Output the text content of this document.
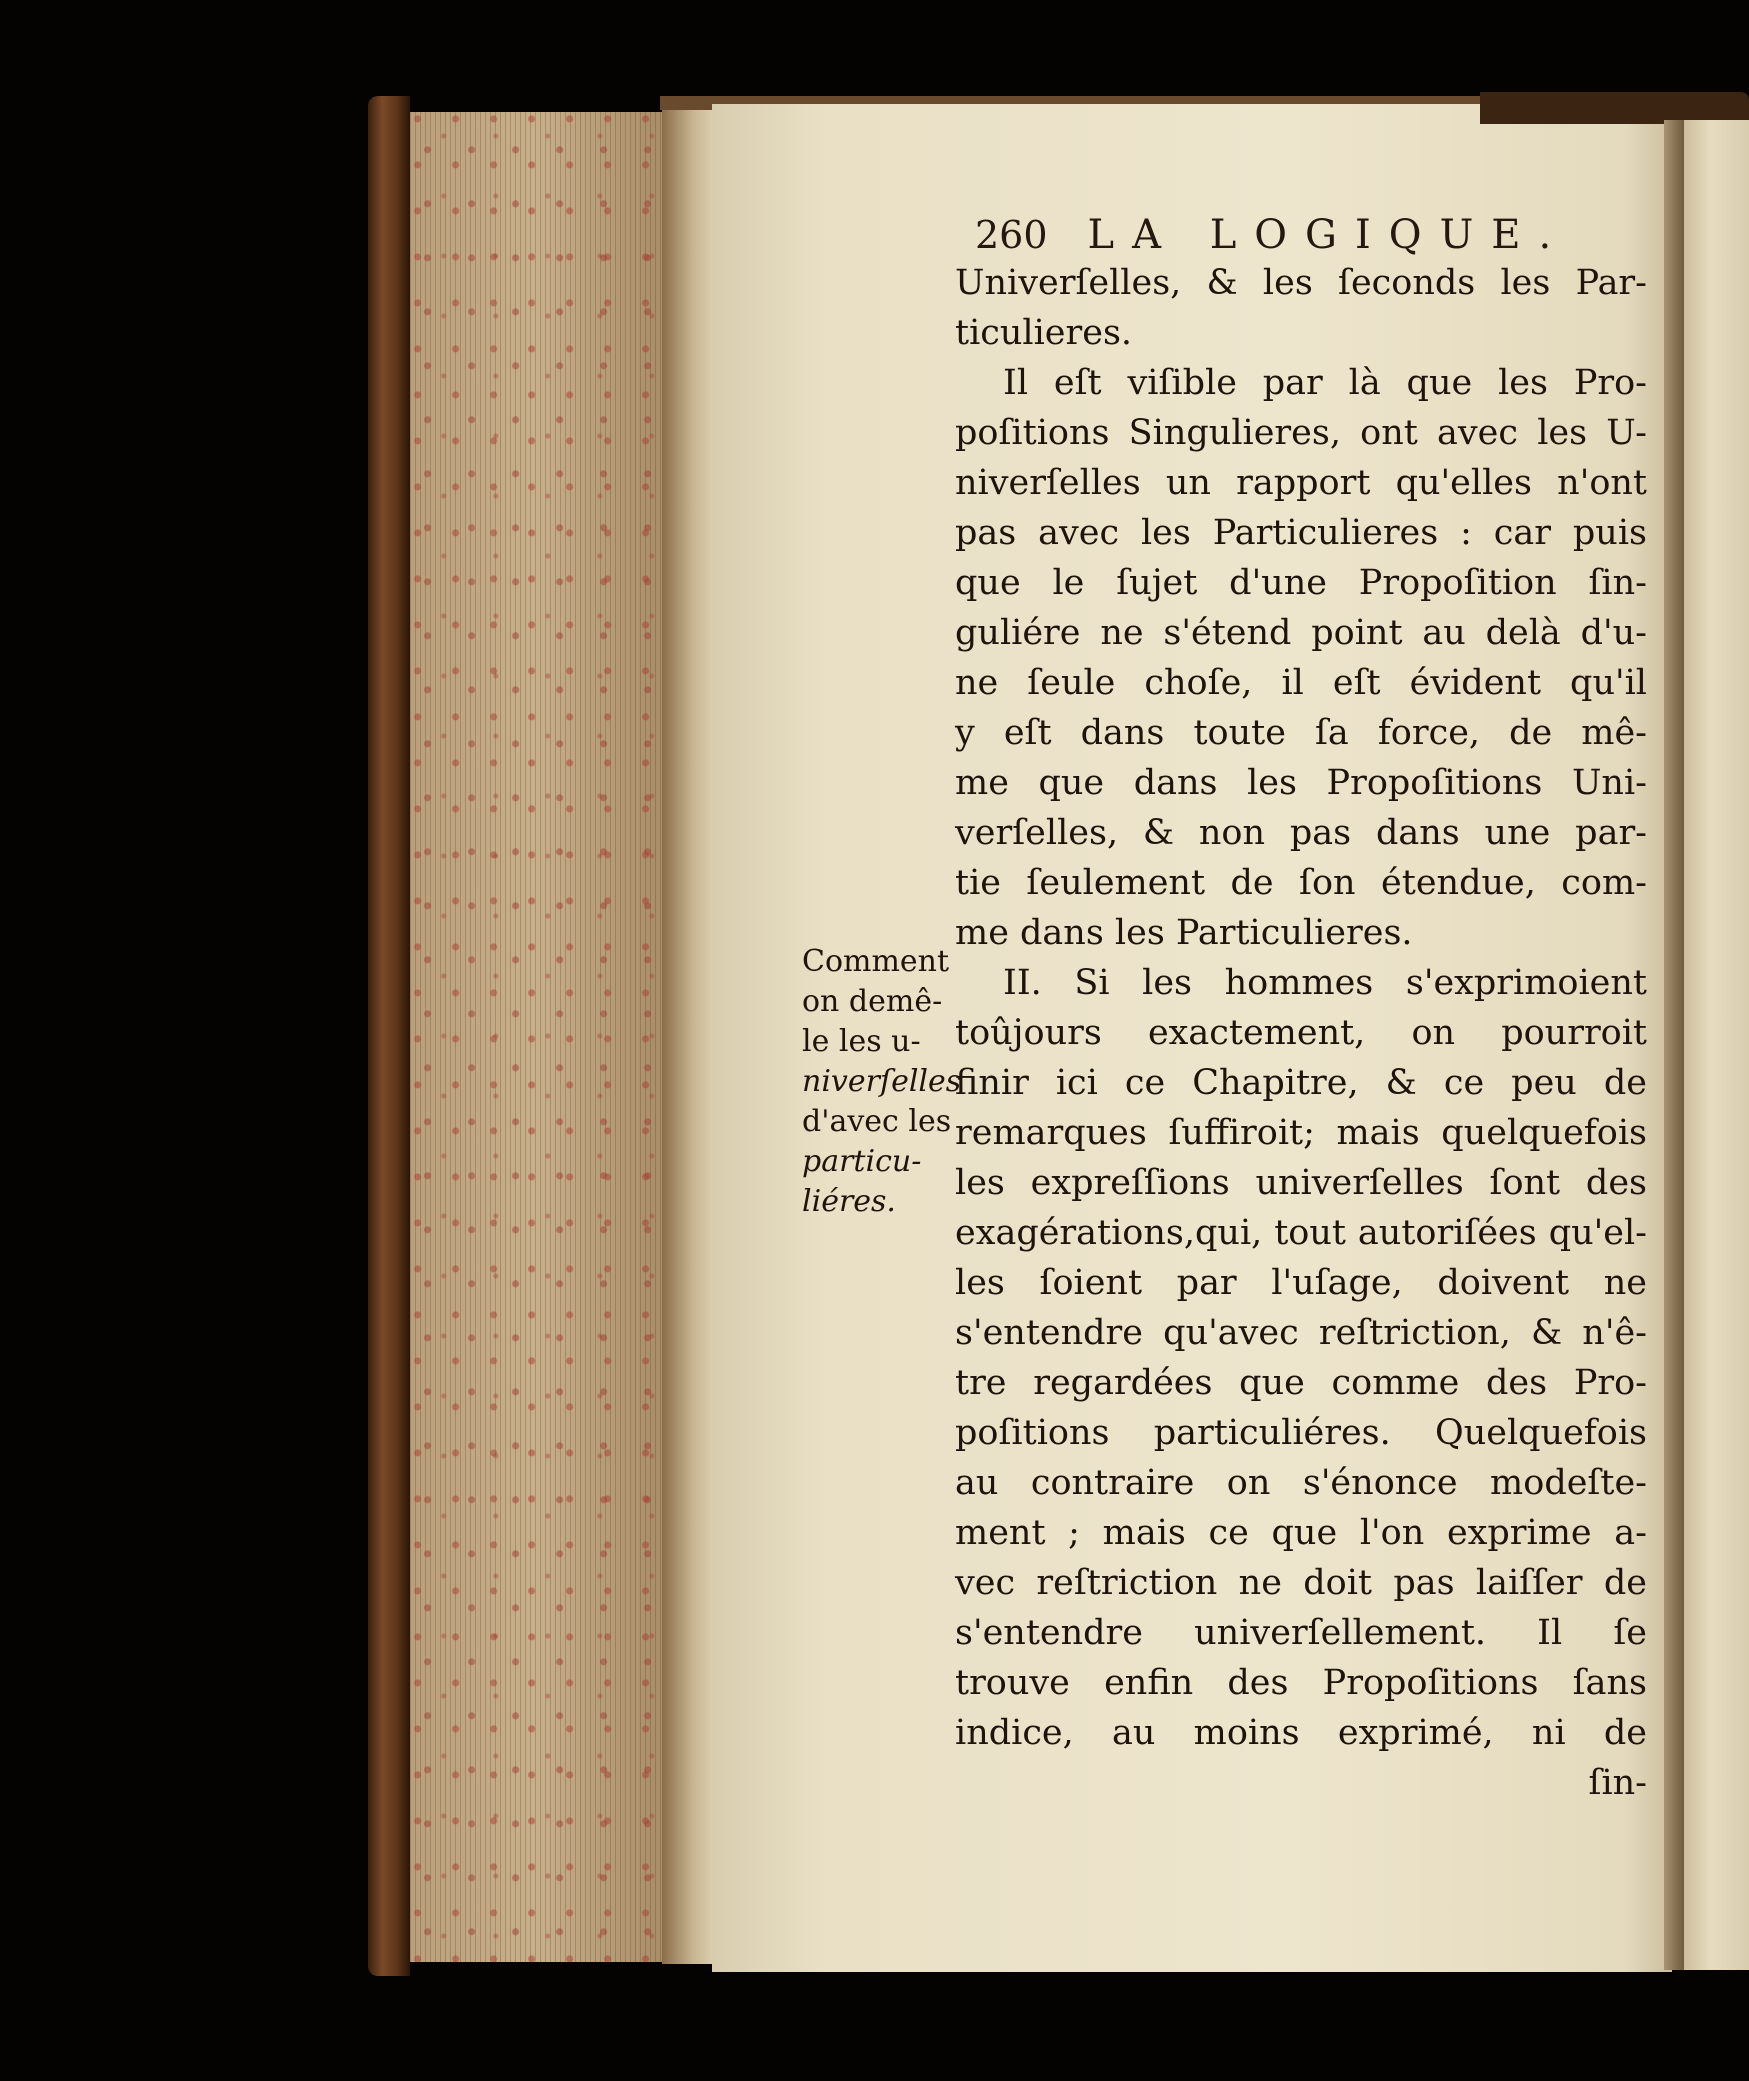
260 LA LOGIQUE.
Comment
on demê-
le les u-
niverſelles
d'avec les
particu-
liéres.
Univerſelles, & les ſeconds les Par-
ticulieres.
Il eſt viſible par là que les Pro-
poſitions Singulieres, ont avec les U-
niverſelles un rapport qu'elles n'ont
pas avec les Particulieres : car puis
que le ſujet d'une Propoſition ſin-
guliére ne s'étend point au delà d'u-
ne ſeule choſe, il eſt évident qu'il
y eſt dans toute ſa force, de mê-
me que dans les Propoſitions Uni-
verſelles, & non pas dans une par-
tie ſeulement de ſon étendue, com-
me dans les Particulieres.
II. Si les hommes s'exprimoient
toûjours exactement, on pourroit
finir ici ce Chapitre, & ce peu de
remarques ſuffiroit; mais quelquefois
les expreſſions univerſelles ſont des
exagérations,qui, tout autoriſées qu'el-
les ſoient par l'uſage, doivent ne
s'entendre qu'avec reſtriction, & n'ê-
tre regardées que comme des Pro-
poſitions particuliéres. Quelquefois
au contraire on s'énonce modeſte-
ment ; mais ce que l'on exprime a-
vec reſtriction ne doit pas laiſſer de
s'entendre univerſellement. Il ſe
trouve enfin des Propoſitions ſans
indice, au moins exprimé, ni de
ſin-
